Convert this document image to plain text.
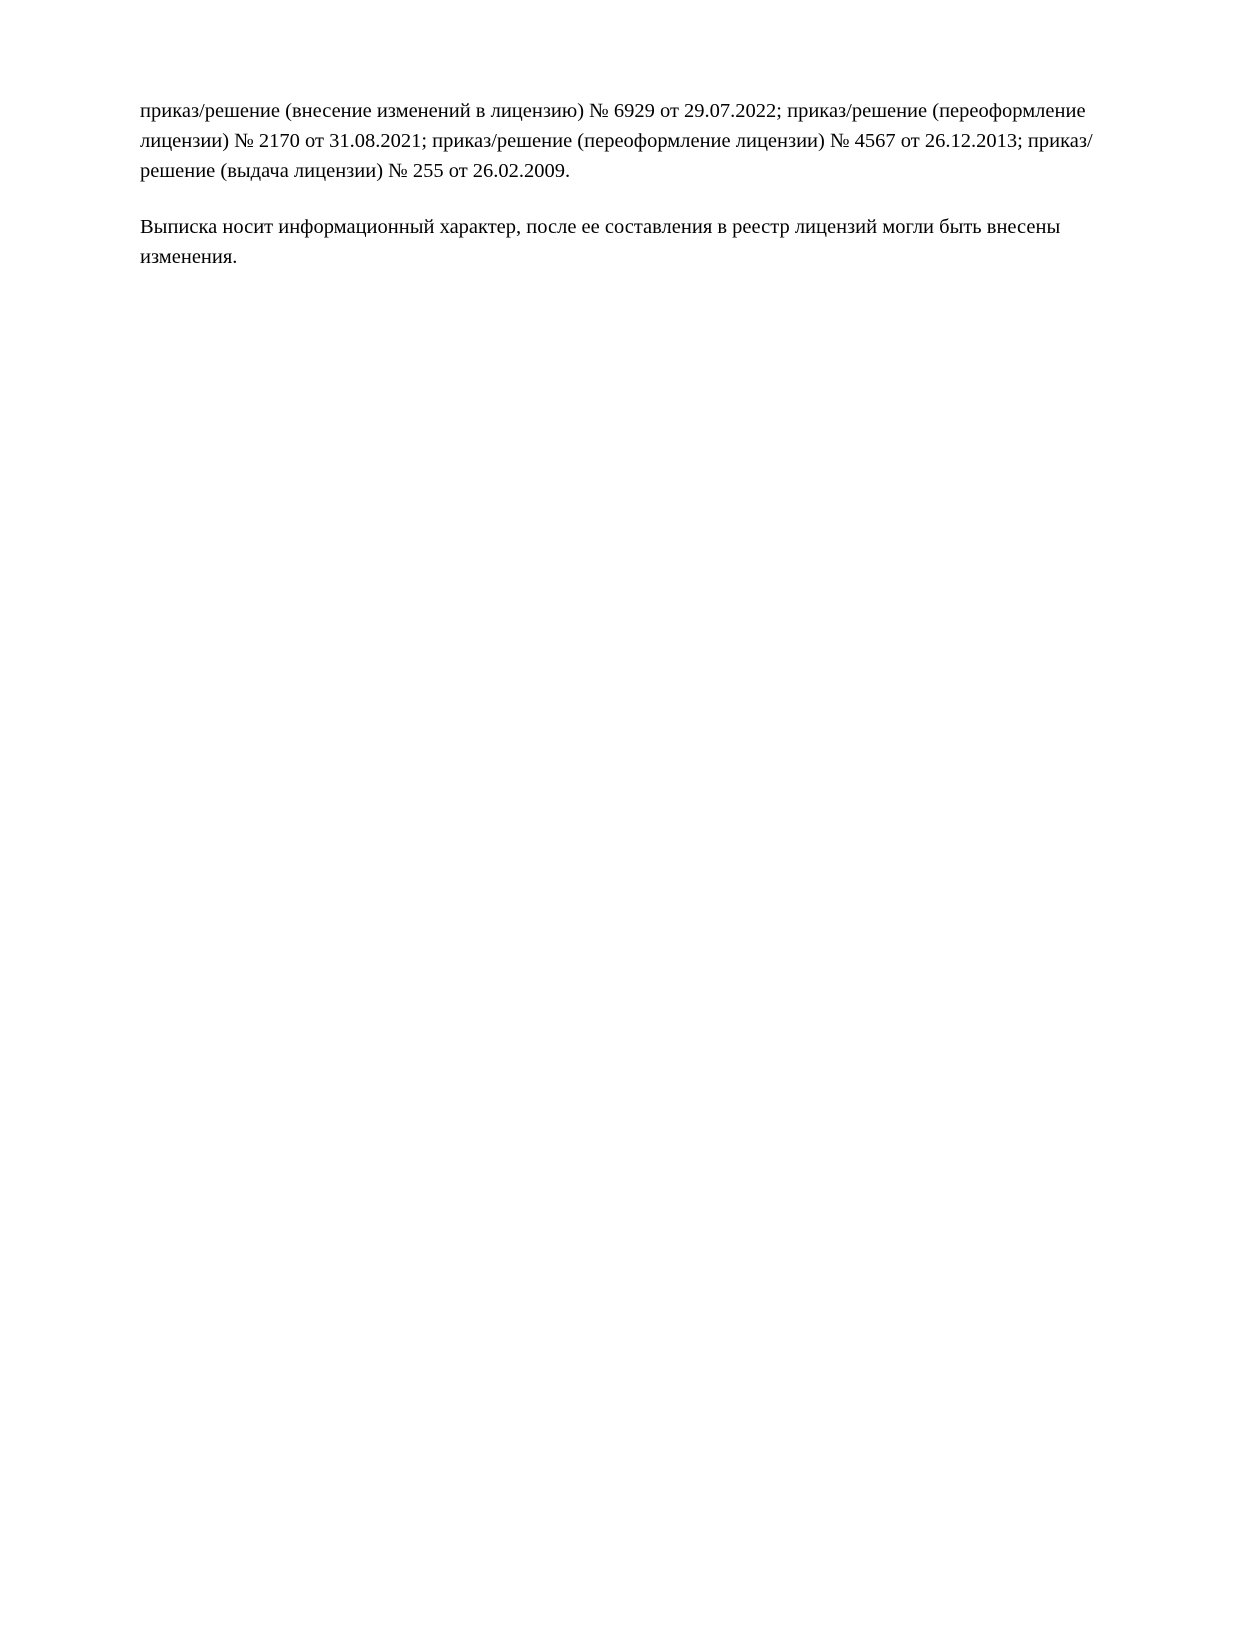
приказ/решение (внесение изменений в лицензию) № 6929 от 29.07.2022; приказ/решение (переоформление лицензии) № 2170 от 31.08.2021; приказ/решение (переоформление лицензии) № 4567 от 26.12.2013; приказ/решение (выдача лицензии) № 255 от 26.02.2009.

Выписка носит информационный характер, после ее составления в реестр лицензий могли быть внесены изменения.
